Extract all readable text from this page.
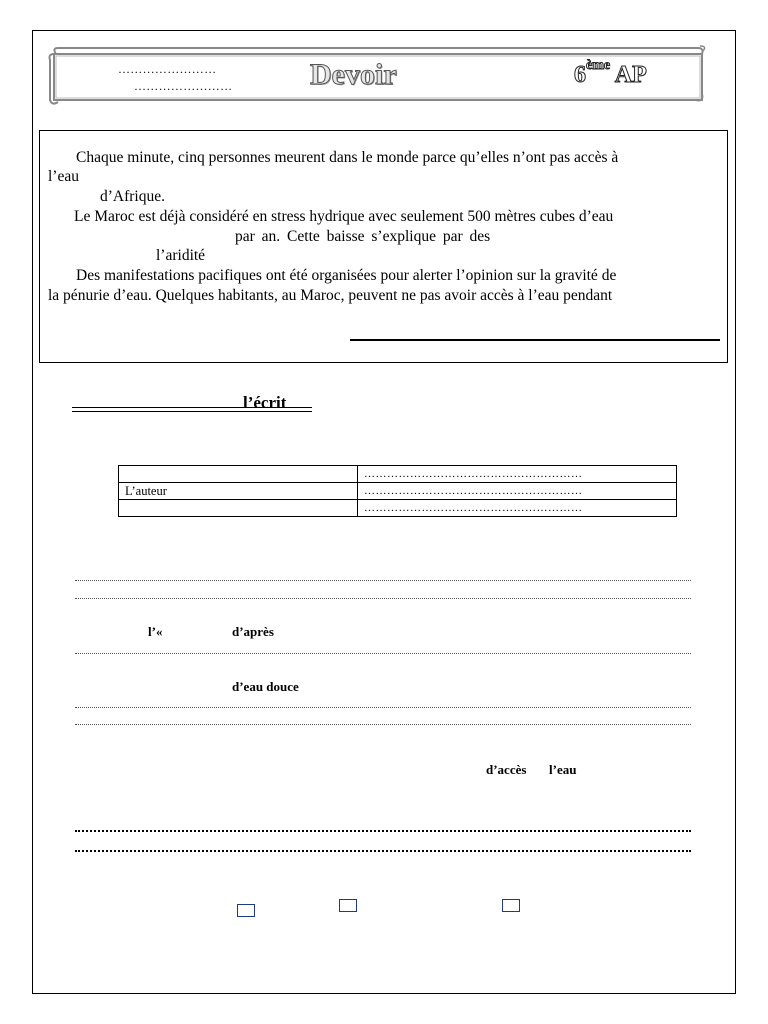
……………………
……………………	Devoir	6ème AP
Chaque minute, cinq personnes meurent dans le monde parce qu’elles n’ont pas accès à
l’eau
d’Afrique.
Le Maroc est déjà considéré en stress hydrique avec seulement 500 mètres cubes d’eau
par an. Cette baisse s’explique par des
l’aridité
Des manifestations pacifiques ont été organisées pour alerter l’opinion sur la gravité de
la pénurie d’eau. Quelques habitants, au Maroc, peuvent ne pas avoir accès à l’eau pendant
l’écrit
	…………………………………………………
L’auteur	…………………………………………………
	…………………………………………………
l’«	d’après
d’eau douce
d’accès l’eau
